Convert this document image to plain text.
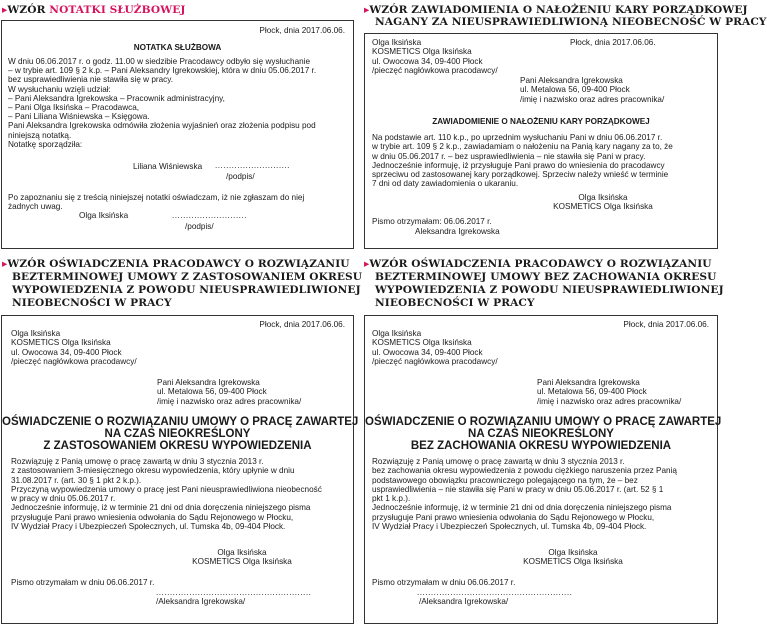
▸WZÓR NOTATKI SŁUŻBOWEJ
Płock, dnia 2017.06.06.
NOTATKA SŁUŻBOWA
W dniu 06.06.2017 r. o godz. 11.00 w siedzibie Pracodawcy odbyło się wysłuchanie
– w trybie art. 109 § 2 k.p. – Pani Aleksandry Igrekowskiej, która w dniu 05.06.2017 r.
bez usprawiedliwienia nie stawiła się w pracy.
W wysłuchaniu wzięli udział:
– Pani Aleksandra Igrekowska – Pracownik administracyjny,
– Pani Olga Iksińska – Pracodawca,
– Pani Liliana Wiśniewska – Księgowa.
Pani Aleksandra Igrekowska odmówiła złożenia wyjaśnień oraz złożenia podpisu pod
niniejszą notatką.
Notatkę sporządziła:
Liliana Wiśniewska ...........................
/podpis/
Po zapoznaniu się z treścią niniejszej notatki oświadczam, iż nie zgłaszam do niej
żadnych uwag.
Olga Iksińska	...........................
/podpis/
▸WZÓR ZAWIADOMIENIA O NAŁOŻENIU KARY PORZĄDKOWEJ
NAGANY ZA NIEUSPRAWIEDLIWIONĄ NIEOBECNOŚĆ W PRACY
Olga Iksińska
KOSMETICS Olga Iksińska
ul. Owocowa 34, 09-400 Płock
/pieczęć nagłówkowa pracodawcy/
Płock, dnia 2017.06.06.
Pani Aleksandra Igrekowska
ul. Metalowa 56, 09-400 Płock
/imię i nazwisko oraz adres pracownika/
ZAWIADOMIENIE O NAŁOŻENIU KARY PORZĄDKOWEJ
Na podstawie art. 110 k.p., po uprzednim wysłuchaniu Pani w dniu 06.06.2017 r.
w trybie art. 109 § 2 k.p., zawiadamiam o nałożeniu na Panią kary nagany za to, że
w dniu 05.06.2017 r. – bez usprawiedliwienia – nie stawiła się Pani w pracy.
Jednocześnie informuję, iż przysługuje Pani prawo do wniesienia do pracodawcy
sprzeciwu od zastosowanej kary porządkowej. Sprzeciw należy wnieść w terminie
7 dni od daty zawiadomienia o ukaraniu.
Olga Iksińska
KOSMETICS Olga Iksińska
Pismo otrzymałam: 06.06.2017 r.
Aleksandra Igrekowska
▸WZÓR OŚWIADCZENIA PRACODAWCY O ROZWIĄZANIU
BEZTERMINOWEJ UMOWY Z ZASTOSOWANIEM OKRESU
WYPOWIEDZENIA Z POWODU NIEUSPRAWIEDLIWIONEJ
NIEOBECNOŚCI W PRACY
Płock, dnia 2017.06.06.
Olga Iksińska
KOSMETICS Olga Iksińska
ul. Owocowa 34, 09-400 Płock
/pieczęć nagłówkowa pracodawcy/
Pani Aleksandra Igrekowska
ul. Metalowa 56, 09-400 Płock
/imię i nazwisko oraz adres pracownika/
OŚWIADCZENIE O ROZWIĄZANIU UMOWY O PRACĘ ZAWARTEJ
NA CZAS NIEOKREŚLONY
Z ZASTOSOWANIEM OKRESU WYPOWIEDZENIA
Rozwiązuję z Panią umowę o pracę zawartą w dniu 3 stycznia 2013 r.
z zastosowaniem 3-miesięcznego okresu wypowiedzenia, który upłynie w dniu
31.08.2017 r. (art. 30 § 1 pkt 2 k.p.).
Przyczyną wypowiedzenia umowy o pracę jest Pani nieusprawiedliwiona nieobecność
w pracy w dniu 05.06.2017 r.
Jednocześnie informuję, iż w terminie 21 dni od dnia doręczenia niniejszego pisma
przysługuje Pani prawo wniesienia odwołania do Sądu Rejonowego w Płocku,
IV Wydział Pracy i Ubezpieczeń Społecznych, ul. Tumska 4b, 09-404 Płock.
Olga Iksińska
KOSMETICS Olga Iksińska
Pismo otrzymałam w dniu 06.06.2017 r.
........................................................
/Aleksandra Igrekowska/
▸WZÓR OŚWIADCZENIA PRACODAWCY O ROZWIĄZANIU
BEZTERMINOWEJ UMOWY BEZ ZACHOWANIA OKRESU
WYPOWIEDZENIA Z POWODU NIEUSPRAWIEDLIWIONEJ
NIEOBECNOŚCI W PRACY
Płock, dnia 2017.06.06.
Olga Iksińska
KOSMETICS Olga Iksińska
ul. Owocowa 34, 09-400 Płock
/pieczęć nagłówkowa pracodawcy/
Pani Aleksandra Igrekowska
ul. Metalowa 56, 09-400 Płock
/imię i nazwisko oraz adres pracownika/
OŚWIADCZENIE O ROZWIĄZANIU UMOWY O PRACĘ ZAWARTEJ
NA CZAS NIEOKREŚLONY
BEZ ZACHOWANIA OKRESU WYPOWIEDZENIA
Rozwiązuję z Panią umowę o pracę zawartą w dniu 3 stycznia 2013 r.
bez zachowania okresu wypowiedzenia z powodu ciężkiego naruszenia przez Panią
podstawowego obowiązku pracowniczego polegającego na tym, że – bez
usprawiedliwienia – nie stawiła się Pani w pracy w dniu 05.06.2017 r. (art. 52 § 1
pkt 1 k.p.).
Jednocześnie informuję, iż w terminie 21 dni od dnia doręczenia niniejszego pisma
przysługuje Pani prawo wniesienia odwołania do Sądu Rejonowego w Płocku,
IV Wydział Pracy i Ubezpieczeń Społecznych, ul. Tumska 4b, 09-404 Płock.
Olga Iksińska
KOSMETICS Olga Iksińska
Pismo otrzymałam w dniu 06.06.2017 r.
........................................................
/Aleksandra Igrekowska/
